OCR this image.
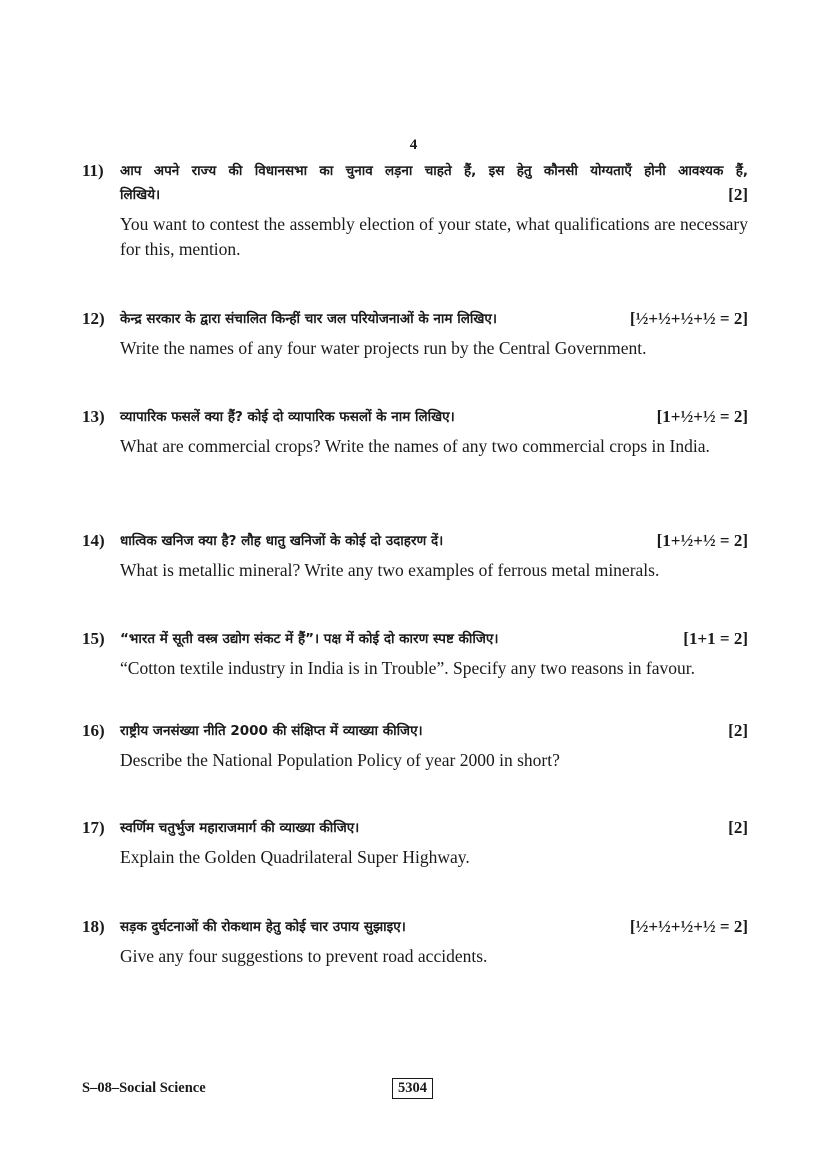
4
11) आप अपने राज्य की विधानसभा का चुनाव लड़ना चाहते हैं, इस हेतु कौनसी योग्यताएँ होनी आवश्यक हैं,
लिखिये।	[2]
You want to contest the assembly election of your state, what qualifications are necessary for this, mention.
12) केन्द्र सरकार के द्वारा संचालित किन्हीं चार जल परियोजनाओं के नाम लिखिए।	[½+½+½+½ = 2]
Write the names of any four water projects run by the Central Government.
13) व्यापारिक फसलें क्या हैं? कोई दो व्यापारिक फसलों के नाम लिखिए।	[1+½+½ = 2]
What are commercial crops? Write the names of any two commercial crops in India.
14) धात्विक खनिज क्या है? लौह धातु खनिजों के कोई दो उदाहरण दें।	[1+½+½ = 2]
What is metallic mineral? Write any two examples of ferrous metal minerals.
15) “भारत में सूती वस्त्र उद्योग संकट में हैं”। पक्ष में कोई दो कारण स्पष्ट कीजिए।	[1+1 = 2]
“Cotton textile industry in India is in Trouble”. Specify any two reasons in favour.
16) राष्ट्रीय जनसंख्या नीति 2000 की संक्षिप्त में व्याख्या कीजिए।	[2]
Describe the National Population Policy of year 2000 in short?
17) स्वर्णिम चतुर्भुज महाराजमार्ग की व्याख्या कीजिए।	[2]
Explain the Golden Quadrilateral Super Highway.
18) सड़क दुर्घटनाओं की रोकथाम हेतु कोई चार उपाय सुझाइए।	[½+½+½+½ = 2]
Give any four suggestions to prevent road accidents.
S–08–Social Science	5304
